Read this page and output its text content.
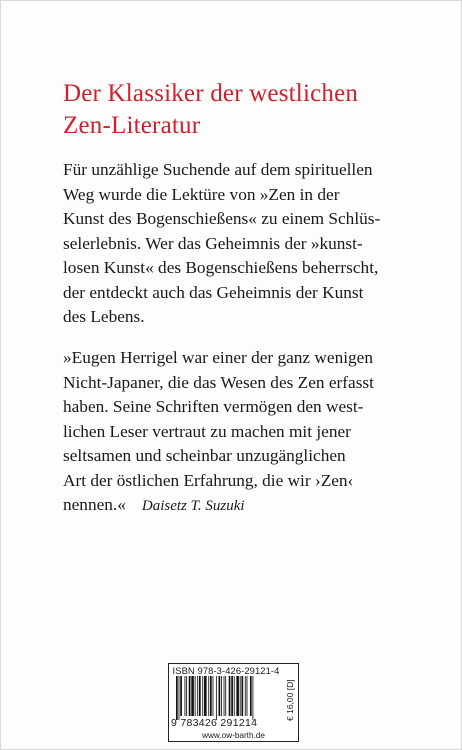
Der Klassiker der westlichen
Zen-Literatur
Für unzählige Suchende auf dem spirituellen
Weg wurde die Lektüre von »Zen in der
Kunst des Bogenschießens« zu einem Schlüs-
selerlebnis. Wer das Geheimnis der »kunst-
losen Kunst« des Bogenschießens beherrscht,
der entdeckt auch das Geheimnis der Kunst
des Lebens.
»Eugen Herrigel war einer der ganz wenigen
Nicht-Japaner, die das Wesen des Zen erfasst
haben. Seine Schriften vermögen den west-
lichen Leser vertraut zu machen mit jener
seltsamen und scheinbar unzugänglichen
Art der östlichen Erfahrung, die wir ›Zen‹
nennen.« Daisetz T. Suzuki
ISBN 978-3-426-29121-4
9 783426 291214
€ 16,00 [D]
www.ow-barth.de
